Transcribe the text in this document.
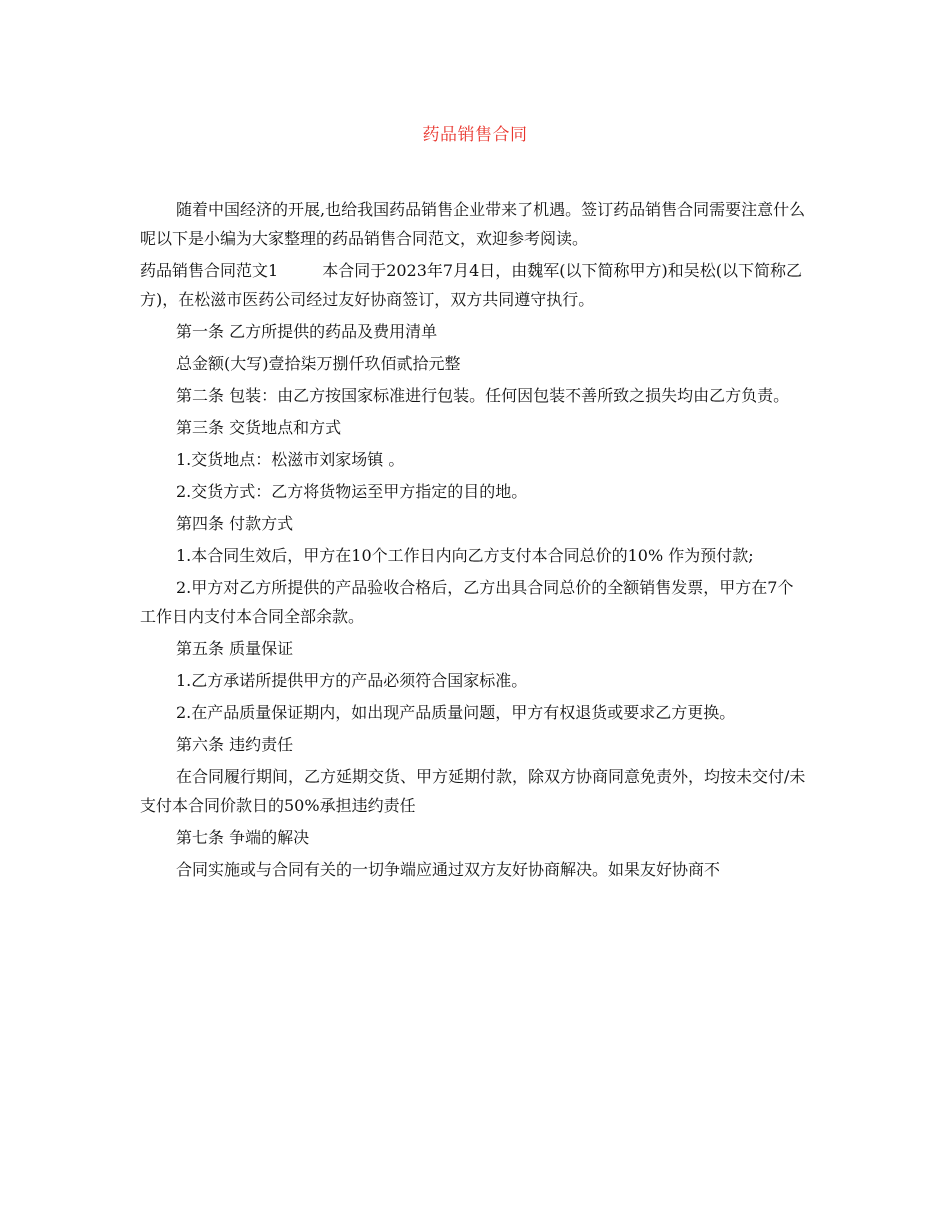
药品销售合同

随着中国经济的开展,也给我国药品销售企业带来了机遇。签订药品销售合同需要注意什么呢以下是小编为大家整理的药品销售合同范文，欢迎参考阅读。

药品销售合同范文1	本合同于2023年7月4日，由魏军(以下简称甲方)和吴松(以下简称乙方)，在松滋市医药公司经过友好协商签订，双方共同遵守执行。

第一条 乙方所提供的药品及费用清单

总金额(大写)壹拾柒万捌仟玖佰贰拾元整

第二条 包装：由乙方按国家标准进行包装。任何因包装不善所致之损失均由乙方负责。

第三条 交货地点和方式

1.交货地点：松滋市刘家场镇 。

2.交货方式：乙方将货物运至甲方指定的目的地。

第四条 付款方式

1.本合同生效后，甲方在10个工作日内向乙方支付本合同总价的10% 作为预付款;

2.甲方对乙方所提供的产品验收合格后，乙方出具合同总价的全额销售发票，甲方在7个工作日内支付本合同全部余款。

第五条 质量保证

1.乙方承诺所提供甲方的产品必须符合国家标准。

2.在产品质量保证期内，如出现产品质量问题，甲方有权退货或要求乙方更换。

第六条 违约责任

在合同履行期间，乙方延期交货、甲方延期付款，除双方协商同意免责外，均按未交付/未支付本合同价款日的50%承担违约责任

第七条 争端的解决

合同实施或与合同有关的一切争端应通过双方友好协商解决。如果友好协商不
